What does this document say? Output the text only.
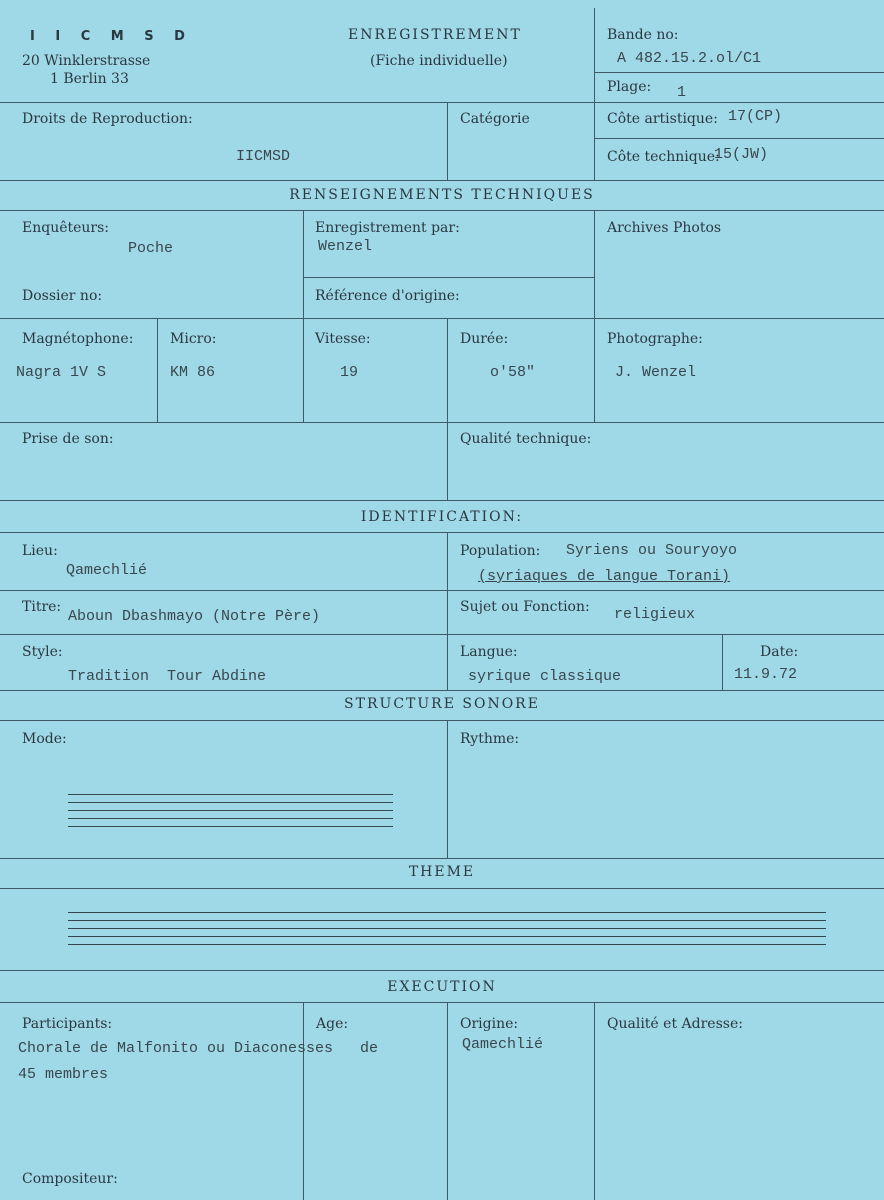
I I C M S D
20 Winklerstrasse
1 Berlin 33
ENREGISTREMENT
(Fiche individuelle)
Bande no:
A 482.15.2.ol/C1
Plage: 1
Droits de Reproduction:
IICMSD
Catégorie	Côte artistique: 17(CP)
Côte technique:
15(JW)
RENSEIGNEMENTS TECHNIQUES
Enquêteurs:
Poche
Enregistrement par:
Wenzel
Archives Photos
Dossier no:	Référence d'origine:
Magnétophone:
Nagra 1V S
Micro:
KM 86
Vitesse:
19
Durée:
o'58"
Photographe:
J. Wenzel
Prise de son:	Qualité technique:
IDENTIFICATION:
Lieu:
Qamechlié
Population: Syriens ou Souryoyo
(syriaques de langue Torani)
Titre:
Aboun Dbashmayo (Notre Père)
Sujet ou Fonction: religieux
Style:
Tradition  Tour Abdine
Langue:
syrique classique
Date:
11.9.72
STRUCTURE SONORE
Mode:	Rythme:
THEME
EXECUTION
Participants:
Chorale de Malfonito ou Diaconesses   de
45 membres
Age:	Origine:
Qamechlié
Qualité et Adresse:
Compositeur:
